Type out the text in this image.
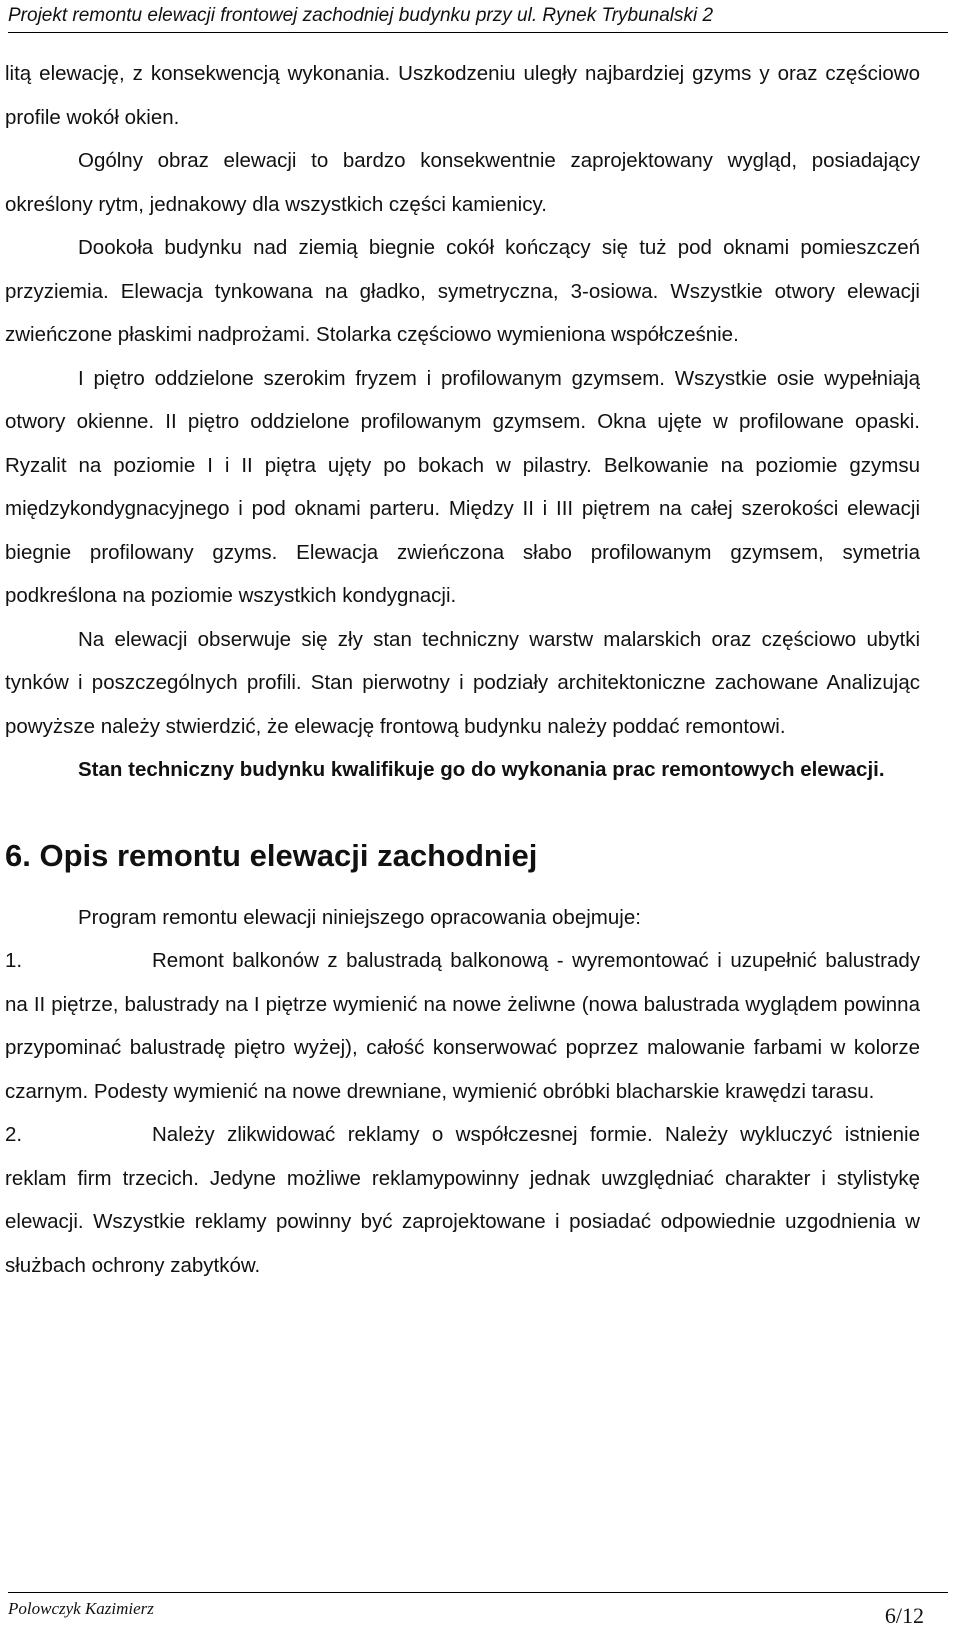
Projekt remontu elewacji frontowej zachodniej budynku przy ul. Rynek Trybunalski 2

litą elewację, z konsekwencją wykonania. Uszkodzeniu uległy najbardziej gzyms y oraz częściowo profile wokół okien.

Ogólny obraz elewacji to bardzo konsekwentnie zaprojektowany wygląd, posiadający określony rytm, jednakowy dla wszystkich części kamienicy.

Dookoła budynku nad ziemią biegnie cokół kończący się tuż pod oknami pomieszczeń przyziemia. Elewacja tynkowana na gładko, symetryczna, 3-osiowa. Wszystkie otwory elewacji zwieńczone płaskimi nadprożami. Stolarka częściowo wymieniona współcześnie.

I piętro oddzielone szerokim fryzem i profilowanym gzymsem. Wszystkie osie wypełniają otwory okienne. II piętro oddzielone profilowanym gzymsem. Okna ujęte w profilowane opaski. Ryzalit na poziomie I i II piętra ujęty po bokach w pilastry. Belkowanie na poziomie gzymsu międzykondygnacyjnego i pod oknami parteru. Między II i III piętrem na całej szerokości elewacji biegnie profilowany gzyms. Elewacja zwieńczona słabo profilowanym gzymsem, symetria podkreślona na poziomie wszystkich kondygnacji.

Na elewacji obserwuje się zły stan techniczny warstw malarskich oraz częściowo ubytki tynków i poszczególnych profili. Stan pierwotny i podziały architektoniczne zachowane Analizując powyższe należy stwierdzić, że elewację frontową budynku należy poddać remontowi.

Stan techniczny budynku kwalifikuje go do wykonania prac remontowych elewacji.

6. Opis remontu elewacji zachodniej

Program remontu elewacji niniejszego opracowania obejmuje:

1.	Remont balkonów z balustradą balkonową - wyremontować i uzupełnić balustrady na II piętrze, balustrady na I piętrze wymienić na nowe żeliwne (nowa balustrada wyglądem powinna przypominać balustradę piętro wyżej), całość konserwować poprzez malowanie farbami w kolorze czarnym. Podesty wymienić na nowe drewniane, wymienić obróbki blacharskie krawędzi tarasu.

2.	Należy zlikwidować reklamy o współczesnej formie. Należy wykluczyć istnienie reklam firm trzecich. Jedyne możliwe reklamypowinny jednak uwzględniać charakter i stylistykę elewacji. Wszystkie reklamy powinny być zaprojektowane i posiadać odpowiednie uzgodnienia w służbach ochrony zabytków.

Polowczyk Kazimierz	6/12
